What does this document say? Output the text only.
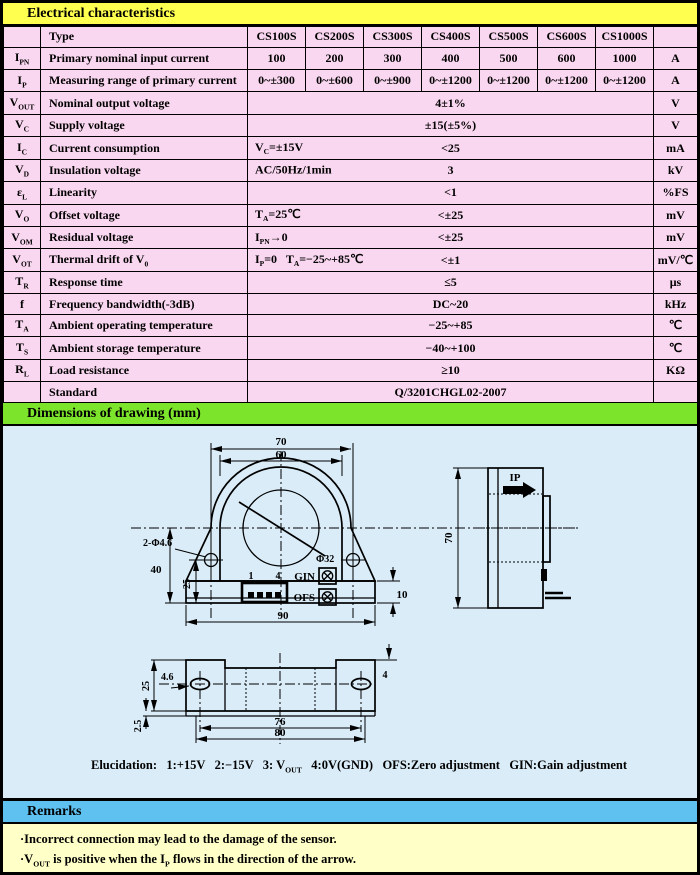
Electrical characteristics
	Type	CS100S	CS200S	CS300S	CS400S	CS500S	CS600S	CS1000S	
$I_{PN}$	Primary nominal input current	100	200	300	400	500	600	1000	A
$I_P$	Measuring range of primary current	0~±300	0~±600	0~±900	0~±1200	0~±1200	0~±1200	0~±1200	A
$V_{OUT}$	Nominal output voltage	4±1%							V
$V_C$	Supply voltage	±15(±5%)							V
$I_C$	Current consumption	$V_C=\pm 15V <25$							mA
$V_D$	Insulation voltage	AC/50Hz/1min 3							kV
$\varepsilon_L$	Linearity	<1							%FS
$V_O$	Offset voltage	$T_A=25℃ <\pm 25$							mV
$V_{OM}$	Residual voltage	$I_{PN}\to 0 <\pm 25$							mV
$V_{OT}$	Thermal drift of $V_0$	$I_P=0$   $T_A=-25\sim+85℃ <\pm 1$							mV/℃
$T_R$	Response time	≤5							μs
f	Frequency bandwidth(-3dB)	DC~20							kHz
$T_A$	Ambient operating temperature	−25~+85							℃
$T_S$	Ambient storage temperature	−40~+100							℃
$R_L$	Load resistance	≥10							KΩ
	Standard	Q/3201CHGL02-2007							
Dimensions of drawing (mm)
Φ32
2-Φ4.6
1 4 GIN
OFS
70
60
90
40
25
10
IP
70
4.6
25
2.5
4
76
80
Elucidation:   1:+15V   2:−15V   3: $V_{OUT}$   4:0V(GND)   OFS:Zero adjustment   GIN:Gain adjustment
Remarks
·Incorrect connection may lead to the damage of the sensor.
$\cdot V_{OUT}$ is positive when the $I_P$ flows in the direction of the arrow.
